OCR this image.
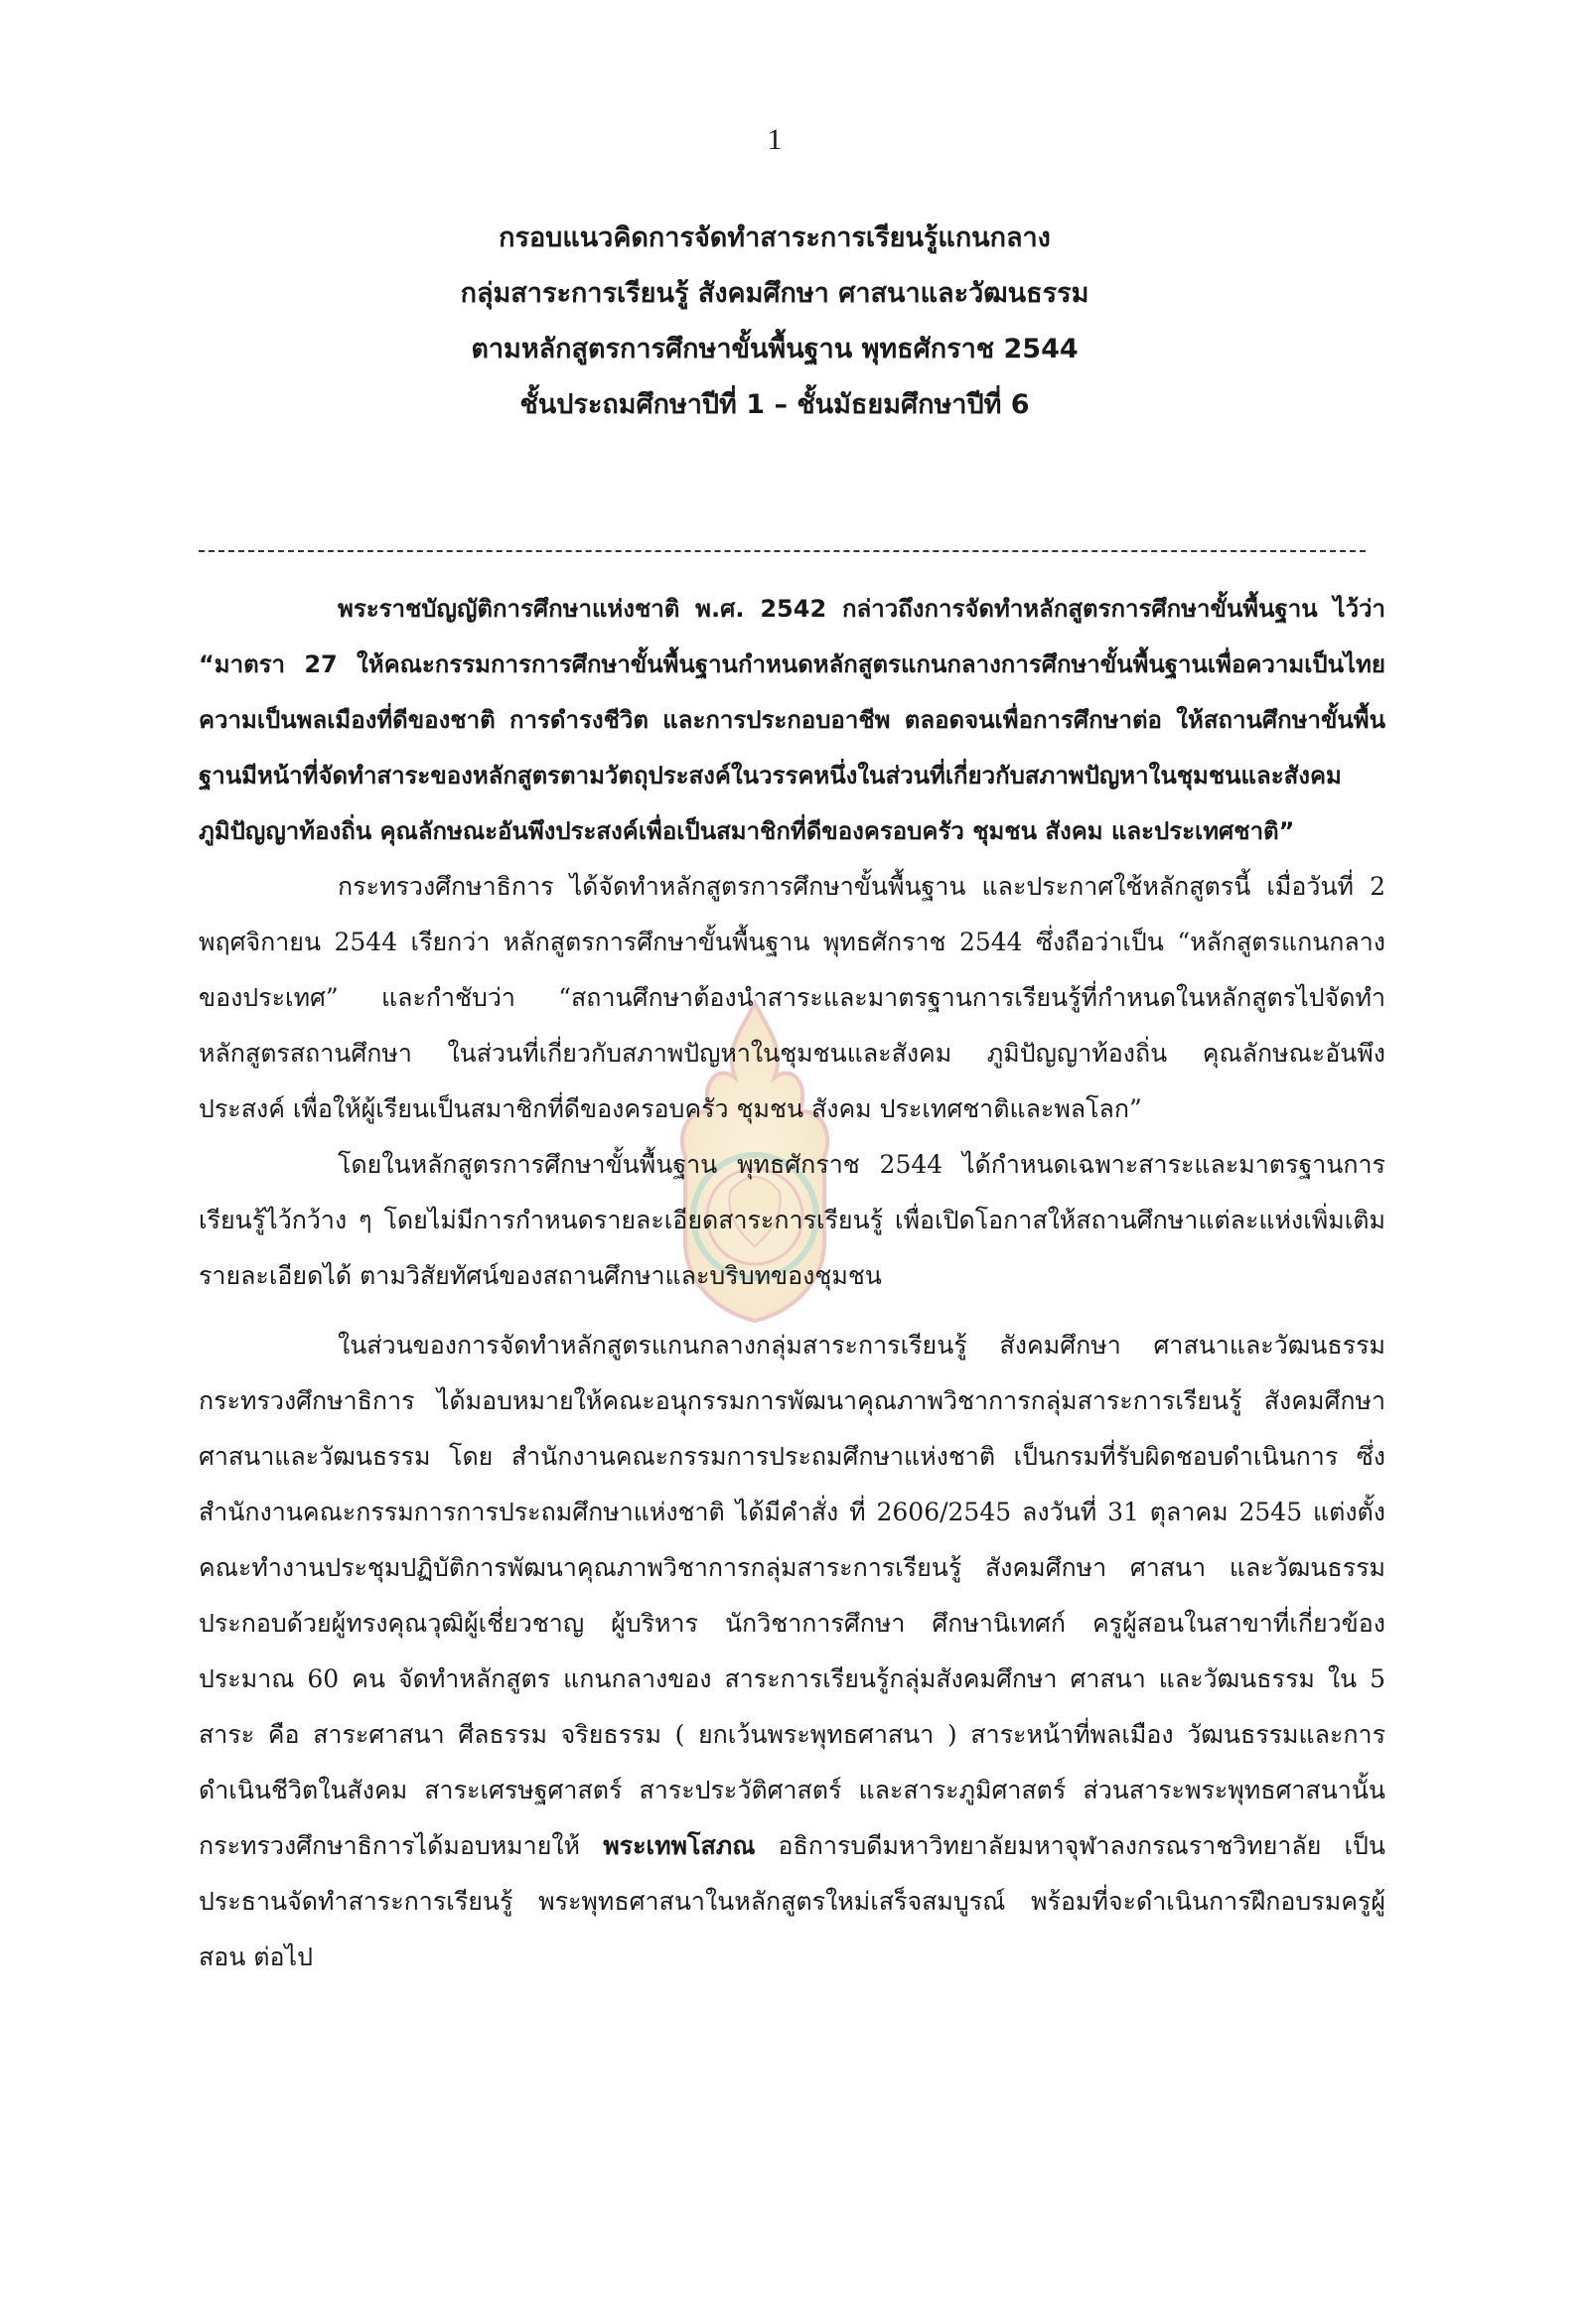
1
กรอบแนวคิดการจัดทำสาระการเรียนรู้แกนกลาง
กลุ่มสาระการเรียนรู้ สังคมศึกษา ศาสนาและวัฒนธรรม
ตามหลักสูตรการศึกษาขั้นพื้นฐาน พุทธศักราช 2544
ชั้นประถมศึกษาปีที่ 1 – ชั้นมัธยมศึกษาปีที่ 6

พระราชบัญญัติการศึกษาแห่งชาติ พ.ศ. 2542 กล่าวถึงการจัดทำหลักสูตรการศึกษาขั้นพื้นฐาน ไว้ว่า “มาตรา 27 ให้คณะกรรมการการศึกษาขั้นพื้นฐานกำหนดหลักสูตรแกนกลางการศึกษาขั้นพื้นฐานเพื่อความเป็นไทย ความเป็นพลเมืองที่ดีของชาติ การดำรงชีวิต และการประกอบอาชีพ ตลอดจนเพื่อการศึกษาต่อ ให้สถานศึกษาขั้นพื้นฐานมีหน้าที่จัดทำสาระของหลักสูตรตามวัตถุประสงค์ในวรรคหนึ่งในส่วนที่เกี่ยวกับสภาพปัญหาในชุมชนและสังคม ภูมิปัญญาท้องถิ่น คุณลักษณะอันพึงประสงค์เพื่อเป็นสมาชิกที่ดีของครอบครัว ชุมชน สังคม และประเทศชาติ”

กระทรวงศึกษาธิการ ได้จัดทำหลักสูตรการศึกษาขั้นพื้นฐาน และประกาศใช้หลักสูตรนี้ เมื่อวันที่ 2 พฤศจิกายน 2544 เรียกว่า หลักสูตรการศึกษาขั้นพื้นฐาน พุทธศักราช 2544 ซึ่งถือว่าเป็น “หลักสูตรแกนกลางของประเทศ” และกำชับว่า “สถานศึกษาต้องนำสาระและมาตรฐานการเรียนรู้ที่กำหนดในหลักสูตรไปจัดทำหลักสูตรสถานศึกษา ในส่วนที่เกี่ยวกับสภาพปัญหาในชุมชนและสังคม ภูมิปัญญาท้องถิ่น คุณลักษณะอันพึงประสงค์ เพื่อให้ผู้เรียนเป็นสมาชิกที่ดีของครอบครัว ชุมชน สังคม ประเทศชาติและพลโลก”

โดยในหลักสูตรการศึกษาขั้นพื้นฐาน พุทธศักราช 2544 ได้กำหนดเฉพาะสาระและมาตรฐานการเรียนรู้ไว้กว้าง ๆ โดยไม่มีการกำหนดรายละเอียดสาระการเรียนรู้ เพื่อเปิดโอกาสให้สถานศึกษาแต่ละแห่งเพิ่มเติมรายละเอียดได้ ตามวิสัยทัศน์ของสถานศึกษาและบริบทของชุมชน

ในส่วนของการจัดทำหลักสูตรแกนกลางกลุ่มสาระการเรียนรู้ สังคมศึกษา ศาสนาและวัฒนธรรม กระทรวงศึกษาธิการ ได้มอบหมายให้คณะอนุกรรมการพัฒนาคุณภาพวิชาการกลุ่มสาระการเรียนรู้ สังคมศึกษา ศาสนาและวัฒนธรรม โดย สำนักงานคณะกรรมการประถมศึกษาแห่งชาติ เป็นกรมที่รับผิดชอบดำเนินการ ซึ่งสำนักงานคณะกรรมการการประถมศึกษาแห่งชาติ ได้มีคำสั่ง ที่ 2606/2545 ลงวันที่ 31 ตุลาคม 2545 แต่งตั้งคณะทำงานประชุมปฏิบัติการพัฒนาคุณภาพวิชาการกลุ่มสาระการเรียนรู้ สังคมศึกษา ศาสนา และวัฒนธรรม ประกอบด้วยผู้ทรงคุณวุฒิผู้เชี่ยวชาญ ผู้บริหาร นักวิชาการศึกษา ศึกษานิเทศก์ ครูผู้สอนในสาขาที่เกี่ยวข้องประมาณ 60 คน จัดทำหลักสูตร แกนกลางของ สาระการเรียนรู้กลุ่มสังคมศึกษา ศาสนา และวัฒนธรรม ใน 5 สาระ คือ สาระศาสนา ศีลธรรม จริยธรรม ( ยกเว้นพระพุทธศาสนา ) สาระหน้าที่พลเมือง วัฒนธรรมและการดำเนินชีวิตในสังคม สาระเศรษฐศาสตร์ สาระประวัติศาสตร์ และสาระภูมิศาสตร์ ส่วนสาระพระพุทธศาสนานั้น กระทรวงศึกษาธิการได้มอบหมายให้ พระเทพโสภณ อธิการบดีมหาวิทยาลัยมหาจุฬาลงกรณราชวิทยาลัย เป็นประธานจัดทำสาระการเรียนรู้ พระพุทธศาสนาในหลักสูตรใหม่เสร็จสมบูรณ์ พร้อมที่จะดำเนินการฝึกอบรมครูผู้สอน ต่อไป
